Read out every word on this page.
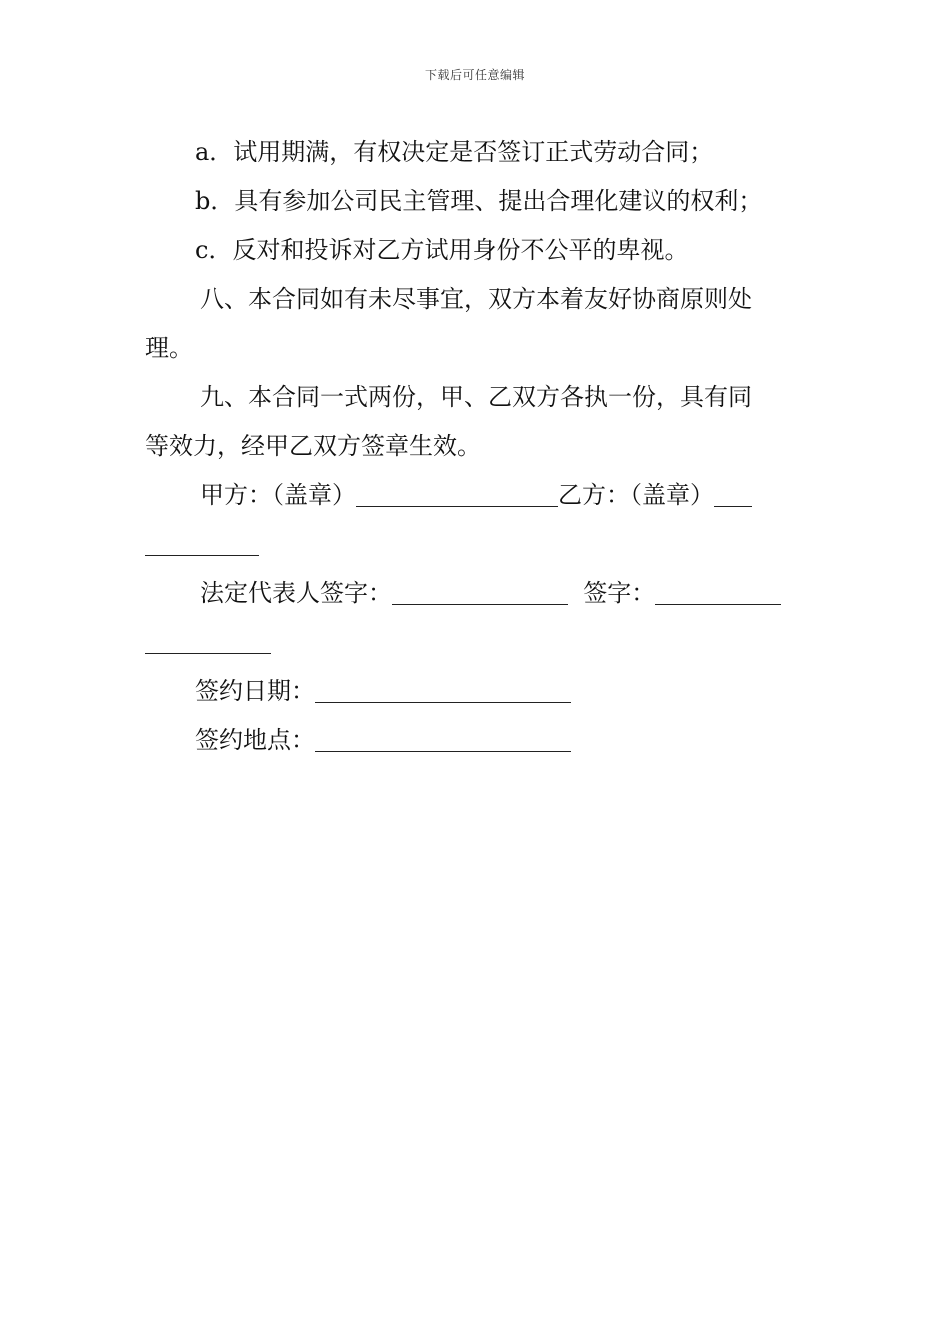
下载后可任意编辑
a．试用期满，有权决定是否签订正式劳动合同；
b．具有参加公司民主管理、提出合理化建议的权利；
c．反对和投诉对乙方试用身份不公平的卑视。
八、本合同如有未尽事宜，双方本着友好协商原则处
理。
九、本合同一式两份，甲、乙双方各执一份，具有同
等效力，经甲乙双方签章生效。
甲方：（盖章）	乙方：（盖章）
法定代表人签字：	签字：
签约日期：
签约地点：
